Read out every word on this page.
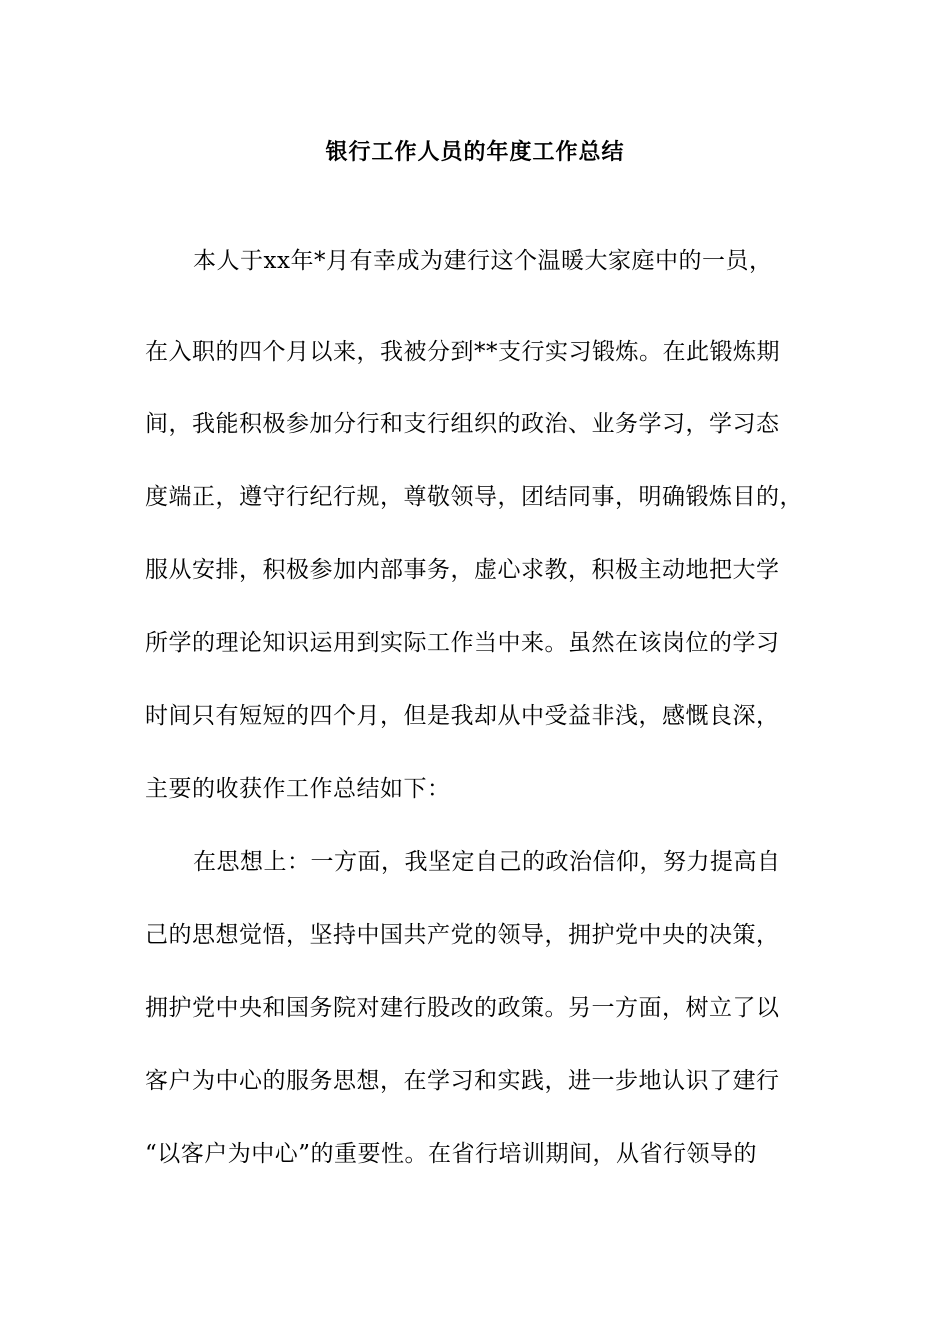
银行工作人员的年度工作总结
本人于xx年*月有幸成为建行这个温暖大家庭中的一员，
在入职的四个月以来，我被分到**支行实习锻炼。在此锻炼期
间，我能积极参加分行和支行组织的政治、业务学习，学习态
度端正，遵守行纪行规，尊敬领导，团结同事，明确锻炼目的，
服从安排，积极参加内部事务，虚心求教，积极主动地把大学
所学的理论知识运用到实际工作当中来。虽然在该岗位的学习
时间只有短短的四个月，但是我却从中受益非浅，感慨良深，
主要的收获作工作总结如下：
在思想上：一方面，我坚定自己的政治信仰，努力提高自
己的思想觉悟，坚持中国共产党的领导，拥护党中央的决策，
拥护党中央和国务院对建行股改的政策。另一方面，树立了以
客户为中心的服务思想，在学习和实践，进一步地认识了建行
“以客户为中心”的重要性。在省行培训期间，从省行领导的
